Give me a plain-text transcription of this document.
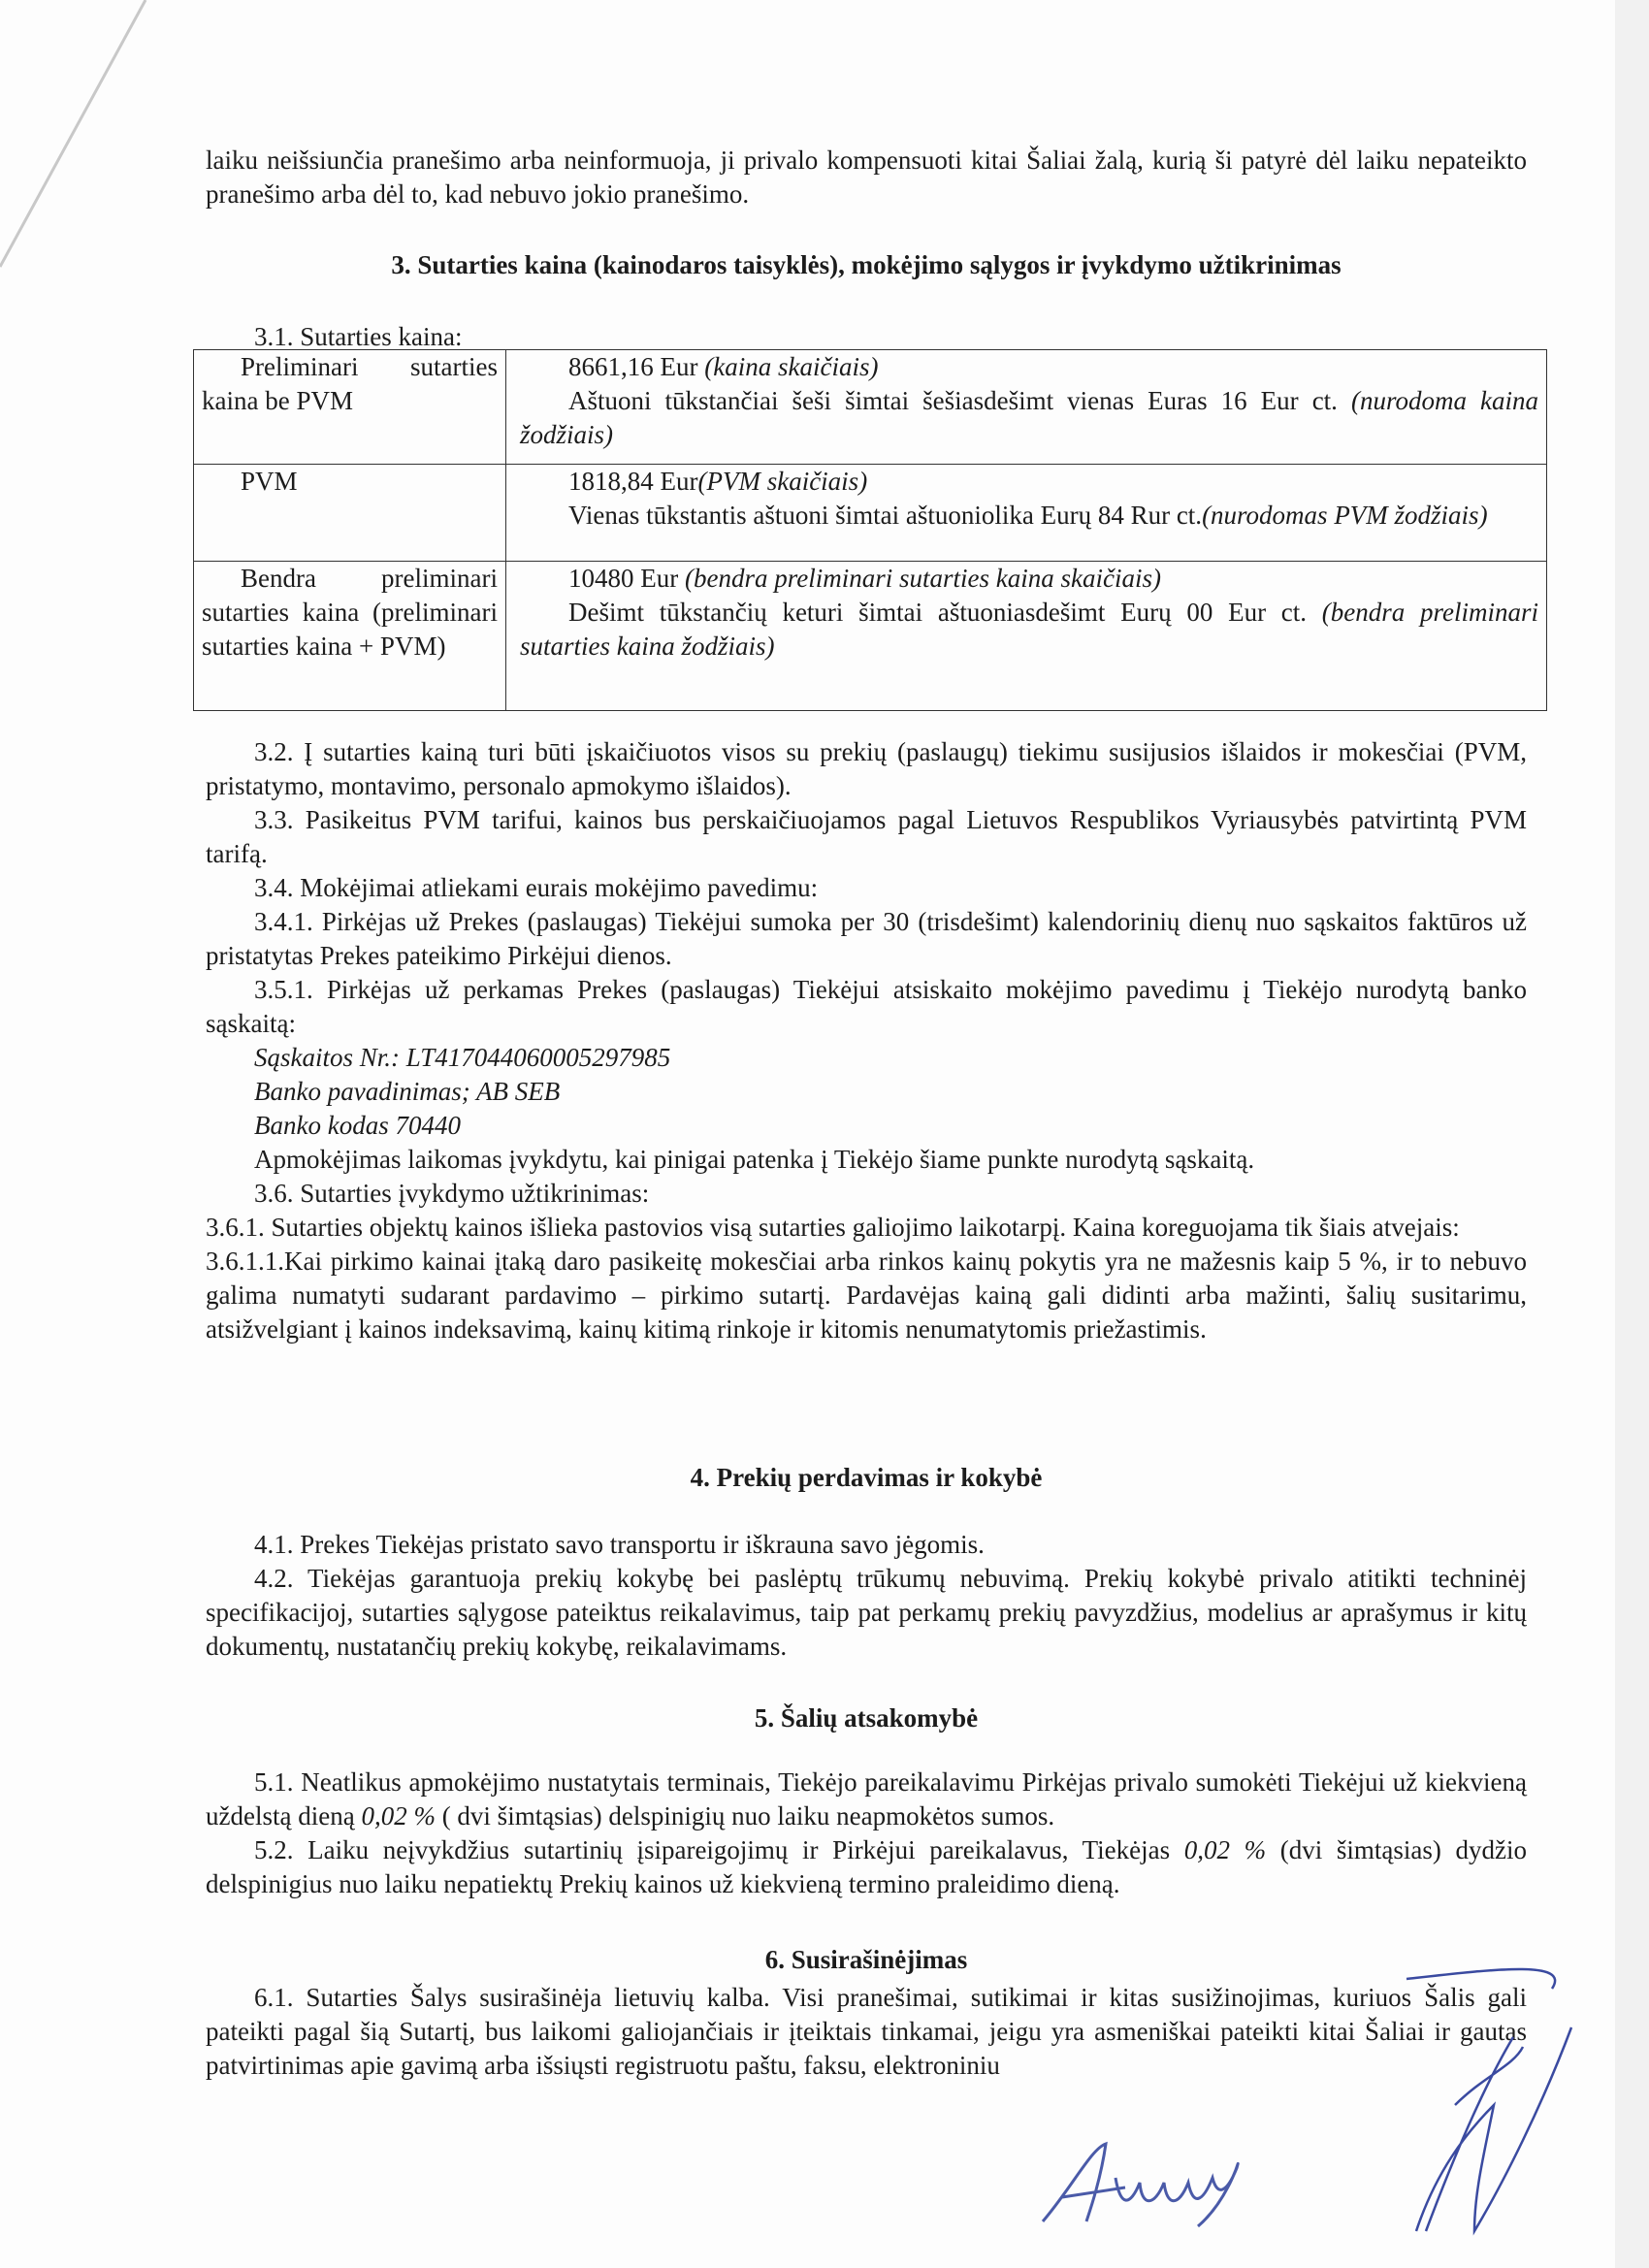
laiku neišsiunčia pranešimo arba neinformuoja, ji privalo kompensuoti kitai Šaliai žalą, kurią ši patyrė dėl laiku nepateikto pranešimo arba dėl to, kad nebuvo jokio pranešimo.

3. Sutarties kaina (kainodaros taisyklės), mokėjimo sąlygos ir įvykdymo užtikrinimas

3.1. Sutarties kaina:

Preliminari sutarties kaina be PVM	8661,16 Eur (kaina skaičiais)
Aštuoni tūkstančiai šeši šimtai šešiasdešimt vienas Euras 16 Eur ct. (nurodoma kaina žodžiais)

PVM	1818,84 Eur(PVM skaičiais)
Vienas tūkstantis aštuoni šimtai aštuoniolika Eurų 84 Rur ct.(nurodomas PVM žodžiais)

Bendra preliminari sutarties kaina (preliminari sutarties kaina + PVM)	10480 Eur (bendra preliminari sutarties kaina skaičiais)
Dešimt tūkstančių keturi šimtai aštuoniasdešimt Eurų 00 Eur ct. (bendra preliminari sutarties kaina žodžiais)

3.2. Į sutarties kainą turi būti įskaičiuotos visos su prekių (paslaugų) tiekimu susijusios išlaidos ir mokesčiai (PVM, pristatymo, montavimo, personalo apmokymo išlaidos).

3.3. Pasikeitus PVM tarifui, kainos bus perskaičiuojamos pagal Lietuvos Respublikos Vyriausybės patvirtintą PVM tarifą.

3.4. Mokėjimai atliekami eurais mokėjimo pavedimu:

3.4.1. Pirkėjas už Prekes (paslaugas) Tiekėjui sumoka per 30 (trisdešimt) kalendorinių dienų nuo sąskaitos faktūros už pristatytas Prekes pateikimo Pirkėjui dienos.

3.5.1. Pirkėjas už perkamas Prekes (paslaugas) Tiekėjui atsiskaito mokėjimo pavedimu į Tiekėjo nurodytą banko sąskaitą:

Sąskaitos Nr.: LT417044060005297985

Banko pavadinimas; AB SEB

Banko kodas 70440

Apmokėjimas laikomas įvykdytu, kai pinigai patenka į Tiekėjo šiame punkte nurodytą sąskaitą.

3.6. Sutarties įvykdymo užtikrinimas:

3.6.1. Sutarties objektų kainos išlieka pastovios visą sutarties galiojimo laikotarpį. Kaina koreguojama tik šiais atvejais:

3.6.1.1.Kai pirkimo kainai įtaką daro pasikeitę mokesčiai arba rinkos kainų pokytis yra ne mažesnis kaip 5 %, ir to nebuvo galima numatyti sudarant pardavimo – pirkimo sutartį. Pardavėjas kainą gali didinti arba mažinti, šalių susitarimu, atsižvelgiant į kainos indeksavimą, kainų kitimą rinkoje ir kitomis nenumatytomis priežastimis.

4. Prekių perdavimas ir kokybė

4.1. Prekes Tiekėjas pristato savo transportu ir iškrauna savo jėgomis.

4.2. Tiekėjas garantuoja prekių kokybę bei paslėptų trūkumų nebuvimą. Prekių kokybė privalo atitikti techninėj specifikacijoj, sutarties sąlygose pateiktus reikalavimus, taip pat perkamų prekių pavyzdžius, modelius ar aprašymus ir kitų dokumentų, nustatančių prekių kokybę, reikalavimams.

5. Šalių atsakomybė

5.1. Neatlikus apmokėjimo nustatytais terminais, Tiekėjo pareikalavimu Pirkėjas privalo sumokėti Tiekėjui už kiekvieną uždelstą dieną 0,02 % ( dvi šimtąsias) delspinigių nuo laiku neapmokėtos sumos.

5.2. Laiku neįvykdžius sutartinių įsipareigojimų ir Pirkėjui pareikalavus, Tiekėjas 0,02 % (dvi šimtąsias) dydžio delspinigius nuo laiku nepatiektų Prekių kainos už kiekvieną termino praleidimo dieną.

6. Susirašinėjimas

6.1. Sutarties Šalys susirašinėja lietuvių kalba. Visi pranešimai, sutikimai ir kitas susižinojimas, kuriuos Šalis gali pateikti pagal šią Sutartį, bus laikomi galiojančiais ir įteiktais tinkamai, jeigu yra asmeniškai pateikti kitai Šaliai ir gautas patvirtinimas apie gavimą arba išsiųsti registruotu paštu, faksu, elektroniniu
